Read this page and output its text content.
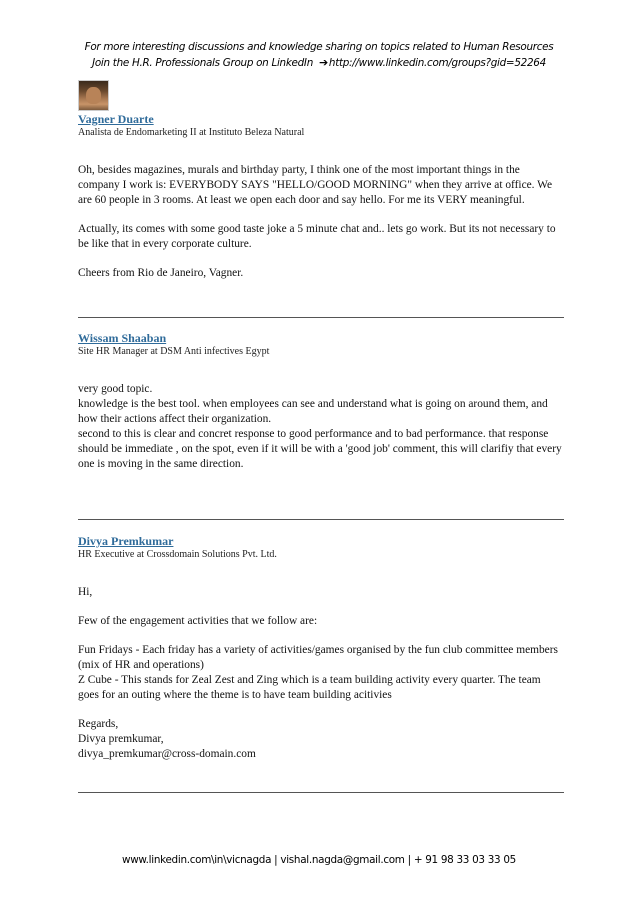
For more interesting discussions and knowledge sharing on topics related to Human Resources
Join the H.R. Professionals Group on LinkedIn ➔http://www.linkedin.com/groups?gid=52264
Vagner Duarte
Analista de Endomarketing II at Instituto Beleza Natural

Oh, besides magazines, murals and birthday party, I think one of the most important things in the company I work is: EVERYBODY SAYS "HELLO/GOOD MORNING" when they arrive at office. We are 60 people in 3 rooms. At least we open each door and say hello. For me its VERY meaningful.

Actually, its comes with some good taste joke a 5 minute chat and.. lets go work. But its not necessary to be like that in every corporate culture.

Cheers from Rio de Janeiro, Vagner.

Wissam Shaaban
Site HR Manager at DSM Anti infectives Egypt

very good topic.
knowledge is the best tool. when employees can see and understand what is going on around them, and how their actions affect their organization.
second to this is clear and concret response to good performance and to bad performance. that response should be immediate , on the spot, even if it will be with a 'good job' comment, this will clarifiy that every one is moving in the same direction.

Divya Premkumar
HR Executive at Crossdomain Solutions Pvt. Ltd.

Hi,

Few of the engagement activities that we follow are:

Fun Fridays - Each friday has a variety of activities/games organised by the fun club committee members (mix of HR and operations)
Z Cube - This stands for Zeal Zest and Zing which is a team building activity every quarter. The team goes for an outing where the theme is to have team building acitivies

Regards,
Divya premkumar,
divya_premkumar@cross-domain.com

www.linkedin.com\in\vicnagda | vishal.nagda@gmail.com | + 91 98 33 03 33 05
